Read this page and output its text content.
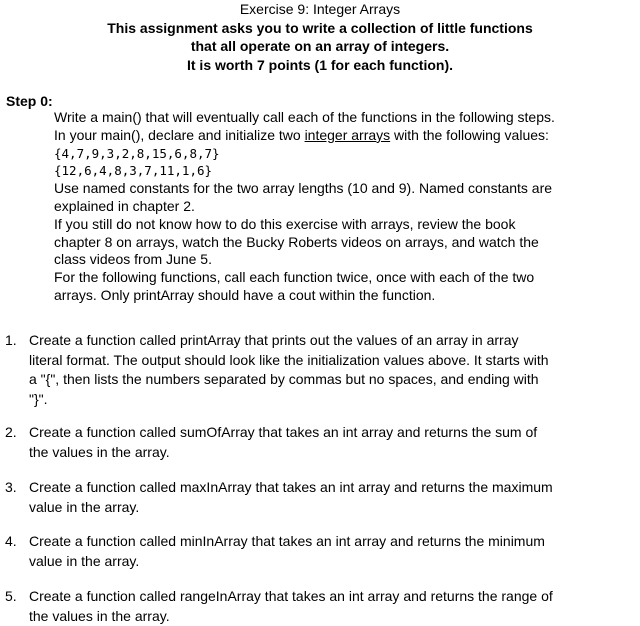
Exercise 9: Integer Arrays
This assignment asks you to write a collection of little functions
that all operate on an array of integers.
It is worth 7 points (1 for each function).
Step 0:
Write a main() that will eventually call each of the functions in the following steps.
In your main(), declare and initialize two integer arrays with the following values:
{4,7,9,3,2,8,15,6,8,7}
{12,6,4,8,3,7,11,1,6}
Use named constants for the two array lengths (10 and 9). Named constants are
explained in chapter 2.
If you still do not know how to do this exercise with arrays, review the book
chapter 8 on arrays, watch the Bucky Roberts videos on arrays, and watch the
class videos from June 5.
For the following functions, call each function twice, once with each of the two
arrays. Only printArray should have a cout within the function.
1. Create a function called printArray that prints out the values of an array in array
literal format. The output should look like the initialization values above. It starts with
a "{", then lists the numbers separated by commas but no spaces, and ending with
"}".
2. Create a function called sumOfArray that takes an int array and returns the sum of
the values in the array.
3. Create a function called maxInArray that takes an int array and returns the maximum
value in the array.
4. Create a function called minInArray that takes an int array and returns the minimum
value in the array.
5. Create a function called rangeInArray that takes an int array and returns the range of
the values in the array.
